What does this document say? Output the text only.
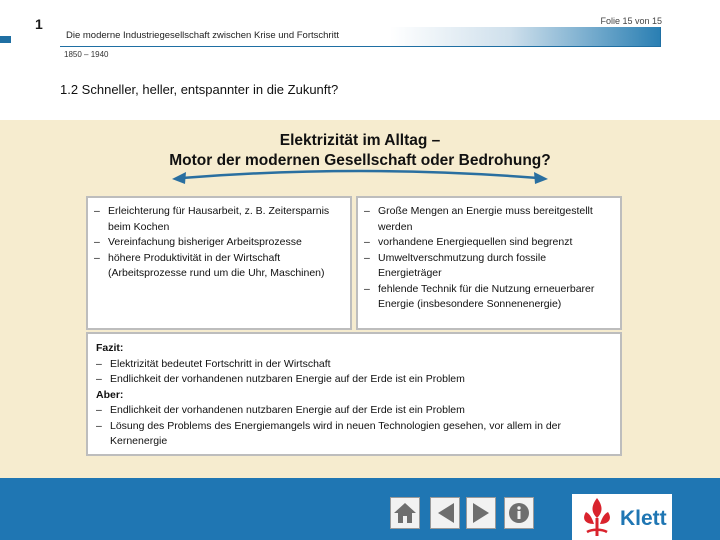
1	Folie 15 von 15
Die moderne Industriegesellschaft zwischen Krise und Fortschritt
1850 – 1940
1.2 Schneller, heller, entspannter in die Zukunft?
Elektrizität im Alltag –
Motor der modernen Gesellschaft oder Bedrohung?
– Erleichterung für Hausarbeit, z. B. Zeitersparnis beim Kochen
– Vereinfachung bisheriger Arbeitsprozesse
– höhere Produktivität in der Wirtschaft (Arbeitsprozesse rund um die Uhr, Maschinen)
– Große Mengen an Energie muss bereitgestellt werden
– vorhandene Energiequellen sind begrenzt
– Umweltverschmutzung durch fossile Energieträger
– fehlende Technik für die Nutzung erneuerbarer Energie (insbesondere Sonnenenergie)
Fazit:
– Elektrizität bedeutet Fortschritt in der Wirtschaft
– Endlichkeit der vorhandenen nutzbaren Energie auf der Erde ist ein Problem
Aber:
– Endlichkeit der vorhandenen nutzbaren Energie auf der Erde ist ein Problem
– Lösung des Problems des Energiemangels wird in neuen Technologien gesehen, vor allem in der Kernenergie
Klett
